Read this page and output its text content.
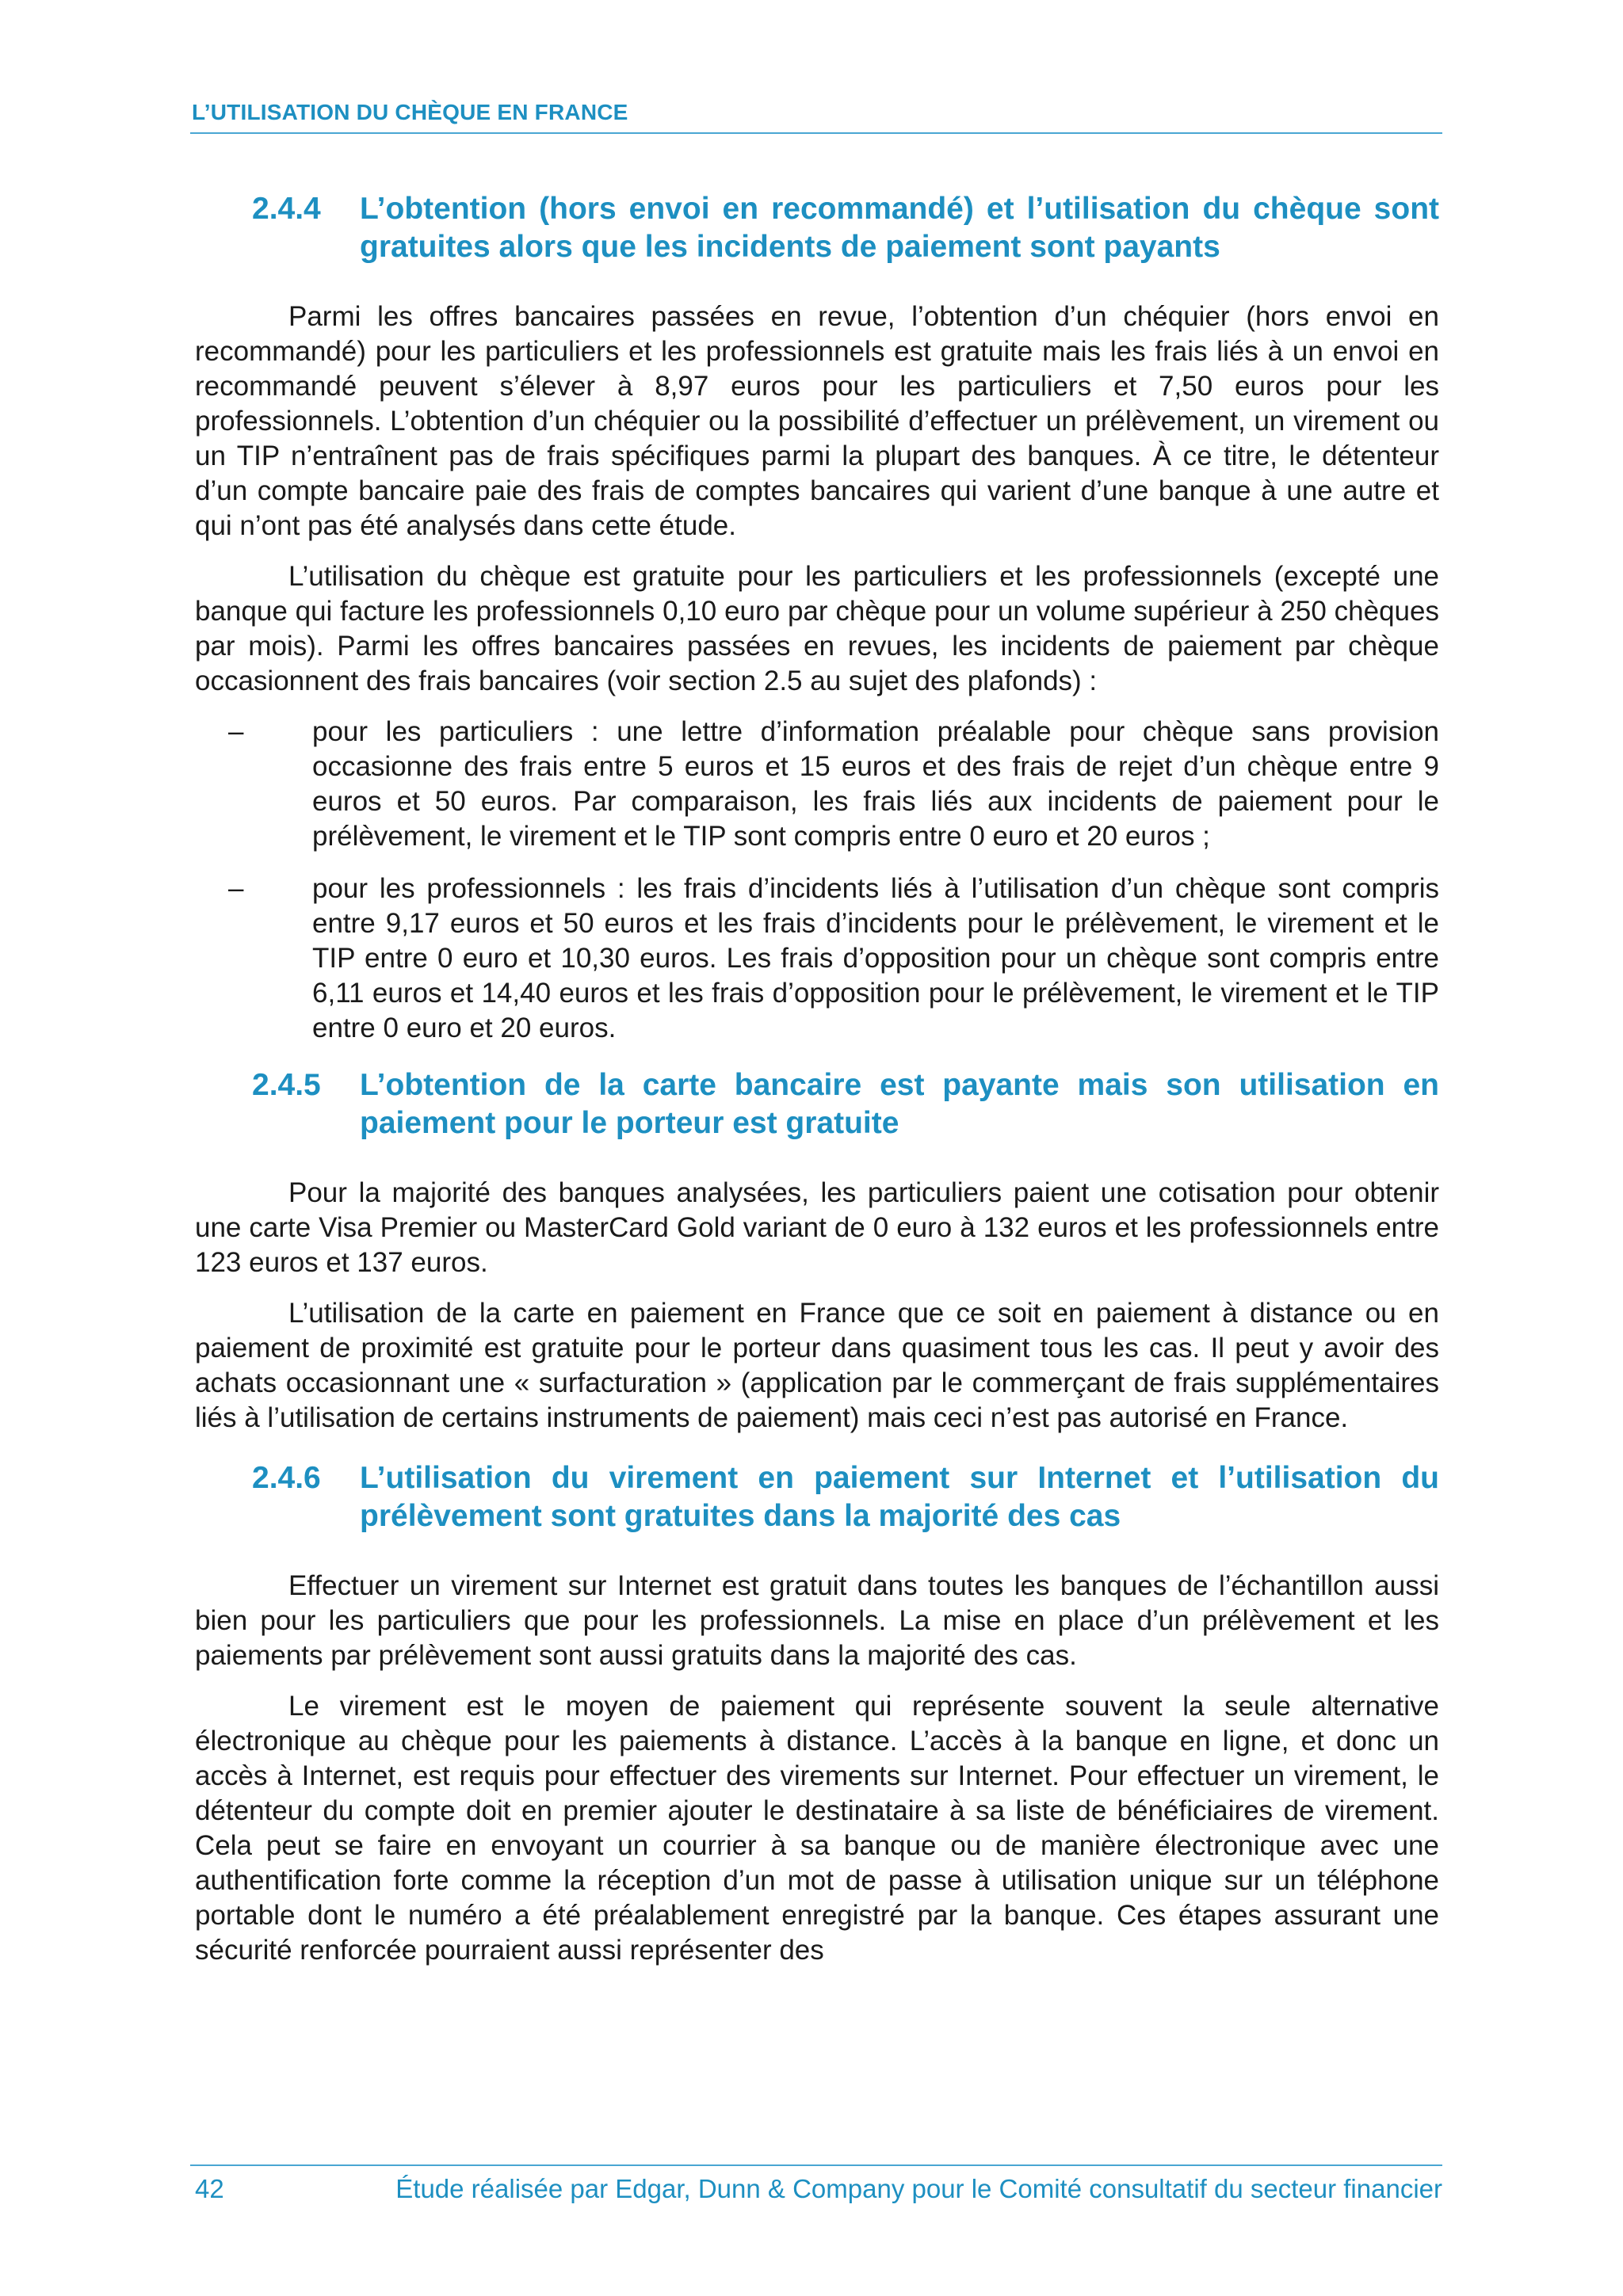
L’UTILISATION DU CHÈQUE EN FRANCE
2.4.4	L’obtention (hors envoi en recommandé) et l’utilisation du chèque sont gratuites alors que les incidents de paiement sont payants

Parmi les offres bancaires passées en revue, l’obtention d’un chéquier (hors envoi en recommandé) pour les particuliers et les professionnels est gratuite mais les frais liés à un envoi en recommandé peuvent s’élever à 8,97 euros pour les particuliers et 7,50 euros pour les professionnels. L’obtention d’un chéquier ou la possibilité d’effectuer un prélèvement, un virement ou un TIP n’entraînent pas de frais spécifiques parmi la plupart des banques. À ce titre, le détenteur d’un compte bancaire paie des frais de comptes bancaires qui varient d’une banque à une autre et qui n’ont pas été analysés dans cette étude.

L’utilisation du chèque est gratuite pour les particuliers et les professionnels (excepté une banque qui facture les professionnels 0,10 euro par chèque pour un volume supérieur à 250 chèques par mois). Parmi les offres bancaires passées en revues, les incidents de paiement par chèque occasionnent des frais bancaires (voir section 2.5 au sujet des plafonds) :

–	pour les particuliers : une lettre d’information préalable pour chèque sans provision occasionne des frais entre 5 euros et 15 euros et des frais de rejet d’un chèque entre 9 euros et 50 euros. Par comparaison, les frais liés aux incidents de paiement pour le prélèvement, le virement et le TIP sont compris entre 0 euro et 20 euros ;
–	pour les professionnels : les frais d’incidents liés à l’utilisation d’un chèque sont compris entre 9,17 euros et 50 euros et les frais d’incidents pour le prélèvement, le virement et le TIP entre 0 euro et 10,30 euros. Les frais d’opposition pour un chèque sont compris entre 6,11 euros et 14,40 euros et les frais d’opposition pour le prélèvement, le virement et le TIP entre 0 euro et 20 euros.
2.4.5	L’obtention de la carte bancaire est payante mais son utilisation en paiement pour le porteur est gratuite

Pour la majorité des banques analysées, les particuliers paient une cotisation pour obtenir une carte Visa Premier ou MasterCard Gold variant de 0 euro à 132 euros et les professionnels entre 123 euros et 137 euros.

L’utilisation de la carte en paiement en France que ce soit en paiement à distance ou en paiement de proximité est gratuite pour le porteur dans quasiment tous les cas. Il peut y avoir des achats occasionnant une « surfacturation » (application par le commerçant de frais supplémentaires liés à l’utilisation de certains instruments de paiement) mais ceci n’est pas autorisé en France.

2.4.6	L’utilisation du virement en paiement sur Internet et l’utilisation du prélèvement sont gratuites dans la majorité des cas

Effectuer un virement sur Internet est gratuit dans toutes les banques de l’échantillon aussi bien pour les particuliers que pour les professionnels. La mise en place d’un prélèvement et les paiements par prélèvement sont aussi gratuits dans la majorité des cas.

Le virement est le moyen de paiement qui représente souvent la seule alternative électronique au chèque pour les paiements à distance. L’accès à la banque en ligne, et donc un accès à Internet, est requis pour effectuer des virements sur Internet. Pour effectuer un virement, le détenteur du compte doit en premier ajouter le destinataire à sa liste de bénéficiaires de virement. Cela peut se faire en envoyant un courrier à sa banque ou de manière électronique avec une authentification forte comme la réception d’un mot de passe à utilisation unique sur un téléphone portable dont le numéro a été préalablement enregistré par la banque. Ces étapes assurant une sécurité renforcée pourraient aussi représenter des

42	Étude réalisée par Edgar, Dunn & Company pour le Comité consultatif du secteur financier
